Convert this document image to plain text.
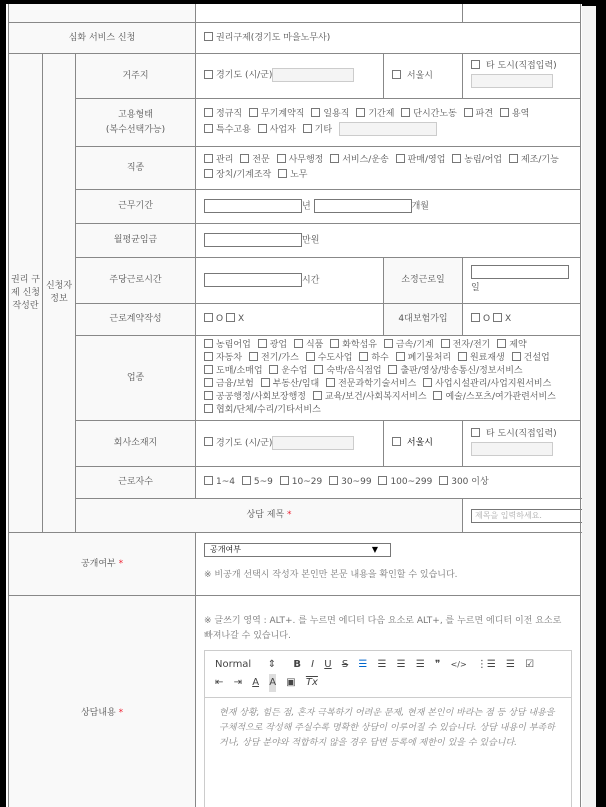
심화 서비스 신청			권리구제(경기도 마을노무사)		
권리 구제 신청 작성란	신청자 정보	거주지	경기도 (시/군)	서울시	타 도시(직접입력)

		고용형태
(복수선택가능)	정규직 무기계약직 일용직 기간제 단시간노동 파견 용역 특수고용 사업자 기타		
		직종	관리 전문 사무행정 서비스/운송 판매/영업 농림/어업 제조/기능 장치/기계조작 노무		
		근무기간	년 개월		
		월평균임금	만원		
		주당근로시간	시간	소정근로일	일
		근로계약작성	O X	4대보험가입	O X
		업종	농림어업 광업 식품 화학섬유 금속/기계 전자/전기 제약 자동차 전기/가스 수도사업 하수 폐기물처리 원료재생 건설업 도매/소매업 운수업 숙박/음식점업 출판/영상/방송통신/정보서비스 금융/보험 부동산/임대 전문과학기술서비스 사업시설관리/사업지원서비스 공공행정/사회보장행정 교육/보건/사회복지서비스 예술/스포츠/여가관련서비스 협회/단체/수리/기타서비스		
		회사소재지	경기도 (시/군)	서울시	타 도시(직접입력)

		근로자수	1~4 5~9 10~29 30~99 100~299 300 이상		
		상담 제목 *			제목을 입력하세요.

공개여부 *			공개여부 ▼
※ 비공개 선택시 작성자 본인만 본문 내용을 확인할 수 있습니다.		

상담내용 *			※ 글쓰기 영역 : ALT+. 를 누르면 에디터 다음 요소로 ALT+, 를 누르면 에디터 이전 요소로 빠져나갈 수 있습니다.
Normal ⇕ B I U S ☰ ☰ ☰ ☰ ❞ </> ⋮☰ ☰ ☑
⇤ ⇥ A A ▣ $\overline{Tx}$
현재 상황, 힘든 점, 혼자 극복하기 어려운 문제, 현재 본인이 바라는 점 등 상담 내용을 구체적으로 작성해 주실수록 명확한 상담이 이루어질 수 있습니다. 상담 내용이 부족하거나, 상담 분야와 적합하지 않을 경우 답변 등록에 제한이 있을 수 있습니다.		
